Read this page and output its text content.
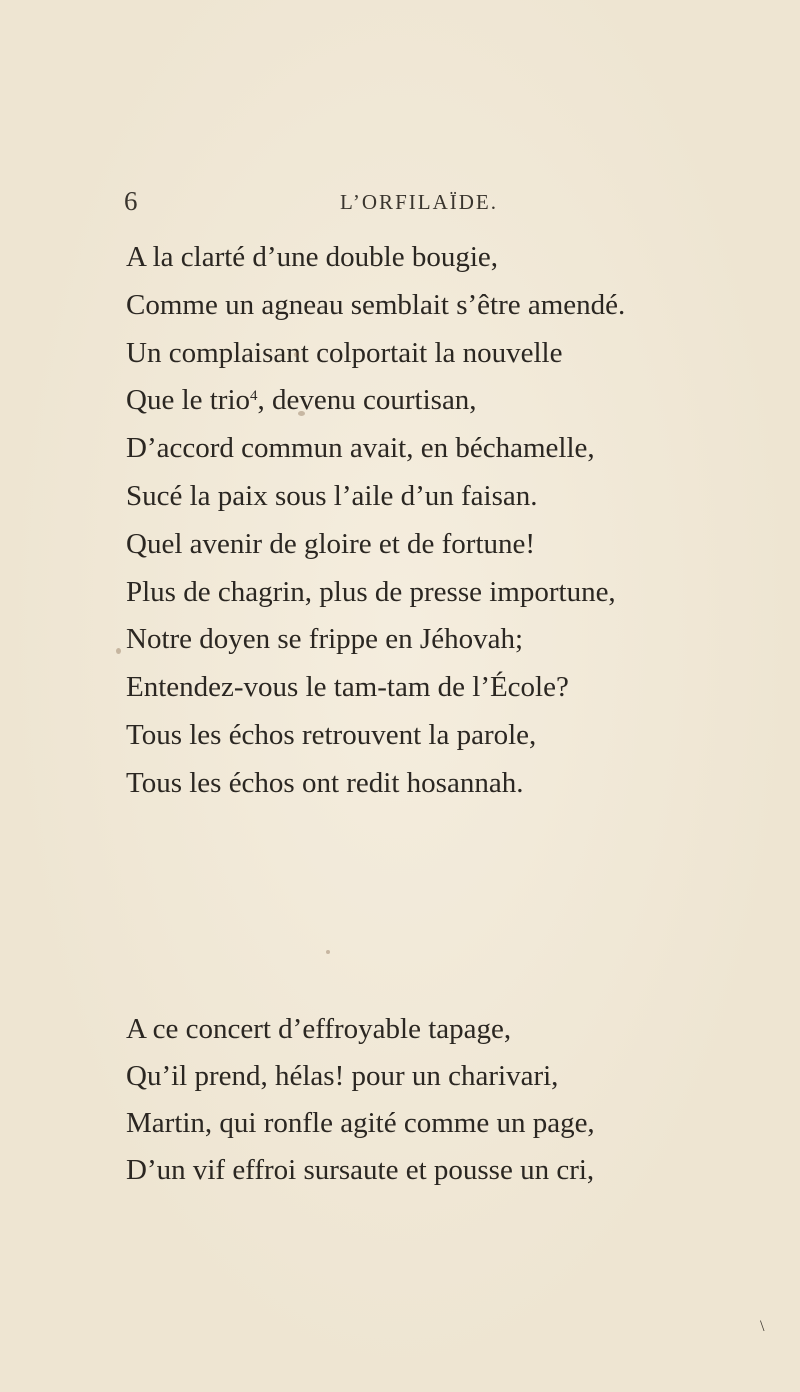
6	L’ORFILAÏDE.
A la clarté d’une double bougie,
Comme un agneau semblait s’être amendé.
Un complaisant colportait la nouvelle
Que le trio$^4$, devenu courtisan,
D’accord commun avait, en béchamelle,
Sucé la paix sous l’aile d’un faisan.
Quel avenir de gloire et de fortune!
Plus de chagrin, plus de presse importune,
Notre doyen se frippe en Jéhovah;
Entendez-vous le tam-tam de l’École?
Tous les échos retrouvent la parole,
Tous les échos ont redit hosannah.
A ce concert d’effroyable tapage,
Qu’il prend, hélas! pour un charivari,
Martin, qui ronfle agité comme un page,
D’un vif effroi sursaute et pousse un cri,
\
